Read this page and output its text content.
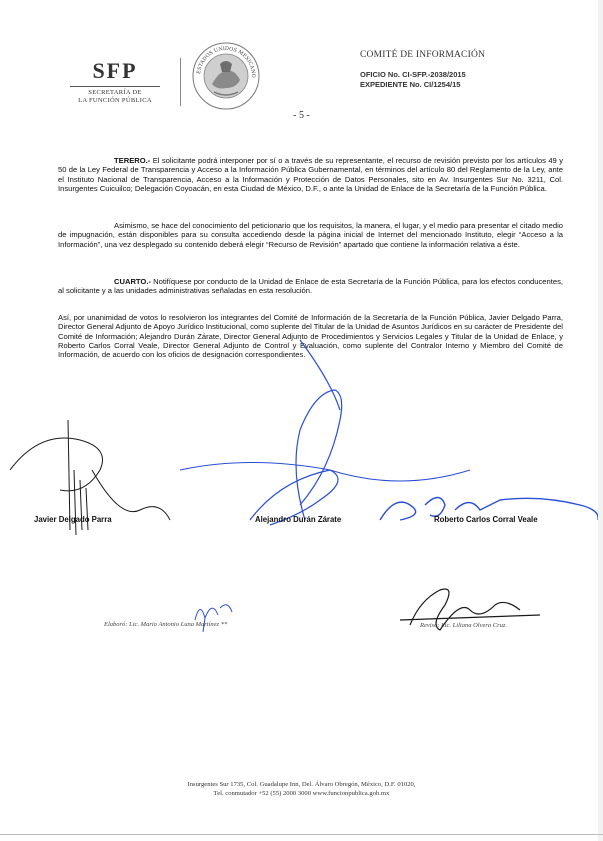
SFP
SECRETARÍA DE
LA FUNCIÓN PÚBLICA
ESTADOS UNIDOS MEXICANO
COMITÉ DE INFORMACIÓN
OFICIO No. CI-SFP.-2038/2015
EXPEDIENTE No. CI/1254/15
- 5 -
TERERO.- El solicitante podrá interponer por sí o a través de su representante, el recurso de revisión previsto por los artículos 49 y 50 de la Ley Federal de Transparencia y Acceso a la Información Pública Gubernamental, en términos del artículo 80 del Reglamento de la Ley, ante el Instituto Nacional de Transparencia, Acceso a la Información y Protección de Datos Personales, sito en Av. Insurgentes Sur No. 3211, Col. Insurgentes Cuicuilco; Delegación Coyoacán, en esta Ciudad de México, D.F., o ante la Unidad de Enlace de la Secretaría de la Función Pública.
Asimismo, se hace del conocimiento del peticionario que los requisitos, la manera, el lugar, y el medio para presentar el citado medio de impugnación, están disponibles para su consulta accediendo desde la página inicial de Internet del mencionado Instituto, elegir “Acceso a la Información”, una vez desplegado su contenido deberá elegir “Recurso de Revisión” apartado que contiene la información relativa a éste.
CUARTO.- Notifíquese por conducto de la Unidad de Enlace de esta Secretaría de la Función Pública, para los efectos conducentes, al solicitante y a las unidades administrativas señaladas en esta resolución.
Así, por unanimidad de votos lo resolvieron los integrantes del Comité de Información de la Secretaría de la Función Pública, Javier Delgado Parra, Director General Adjunto de Apoyo Jurídico Institucional, como suplente del Titular de la Unidad de Asuntos Jurídicos en su carácter de Presidente del Comité de Información; Alejandro Durán Zárate, Director General Adjunto de Procedimientos y Servicios Legales y Titular de la Unidad de Enlace, y Roberto Carlos Corral Veale, Director General Adjunto de Control y Evaluación, como suplente del Contralor Interno y Miembro del Comité de Información, de acuerdo con los oficios de designación correspondientes.
Javier Delgado Parra	Alejandro Durán Zárate	Roberto Carlos Corral Veale
Elaboró: Lic. Mario Antonio Luna Martínez **	Revisó: Lic. Liliana Olvera Cruz.
Insurgentes Sur 1735, Col. Guadalupe Inn, Del. Álvaro Obregón, México, D.F. 01020,
Tel. conmutador +52 (55) 2000 3000 www.funcionpublica.gob.mx
